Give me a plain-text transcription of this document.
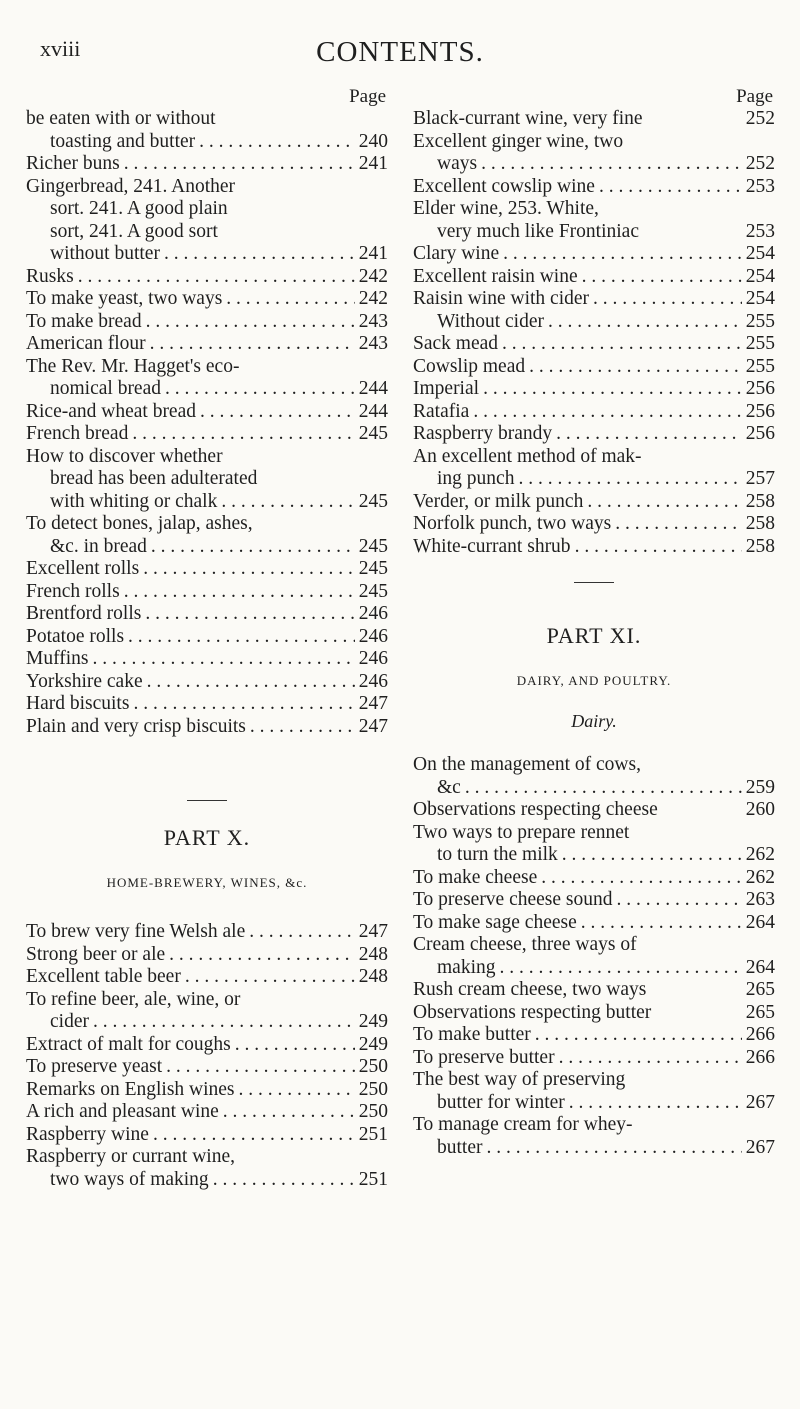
xviii	CONTENTS.
Page
be eaten with or without
toasting and butter . . .	240
Richer buns . . .	241
Gingerbread, 241. Another
sort. 241. A good plain
sort, 241. A good sort
without butter . . .	241
Rusks . . .	242
To make yeast, two ways . . .	242
To make bread . . .	243
American flour . . .	243
The Rev. Mr. Hagget's eco-
nomical bread . . .	244
Rice-and wheat bread . . .	244
French bread . . .	245
How to discover whether
bread has been adulterated
with whiting or chalk . . .	245
To detect bones, jalap, ashes,
&c. in bread . . .	245
Excellent rolls . . .	245
French rolls . . .	245
Brentford rolls . . .	246
Potatoe rolls . . .	246
Muffins . . .	246
Yorkshire cake . . .	246
Hard biscuits . . .	247
Plain and very crisp biscuits . . .	247
PART X.
HOME-BREWERY, WINES, &c.
To brew very fine Welsh ale . . .	247
Strong beer or ale . . .	248
Excellent table beer . . .	248
To refine beer, ale, wine, or
cider . . .	249
Extract of malt for coughs . . .	249
To preserve yeast . . .	250
Remarks on English wines . . .	250
A rich and pleasant wine . . .	250
Raspberry wine . . .	251
Raspberry or currant wine,
two ways of making . . .	251
Page
Black-currant wine, very fine	252
Excellent ginger wine, two
ways . . .	252
Excellent cowslip wine . . .	253
Elder wine, 253. White,
very much like Frontiniac	253
Clary wine . . .	254
Excellent raisin wine . . .	254
Raisin wine with cider . . .	254
Without cider . . .	255
Sack mead . . .	255
Cowslip mead . . .	255
Imperial . . .	256
Ratafia . . .	256
Raspberry brandy . . .	256
An excellent method of mak-
ing punch . . .	257
Verder, or milk punch . . .	258
Norfolk punch, two ways . . .	258
White-currant shrub . . .	258
PART XI.
DAIRY, AND POULTRY.
Dairy.
On the management of cows,
&c . . .	259
Observations respecting cheese	260
Two ways to prepare rennet
to turn the milk . . .	262
To make cheese . . .	262
To preserve cheese sound . . .	263
To make sage cheese . . .	264
Cream cheese, three ways of
making . . .	264
Rush cream cheese, two ways	265
Observations respecting butter	265
To make butter . . .	266
To preserve butter . . .	266
The best way of preserving
butter for winter . . .	267
To manage cream for whey-
butter . . .	267
